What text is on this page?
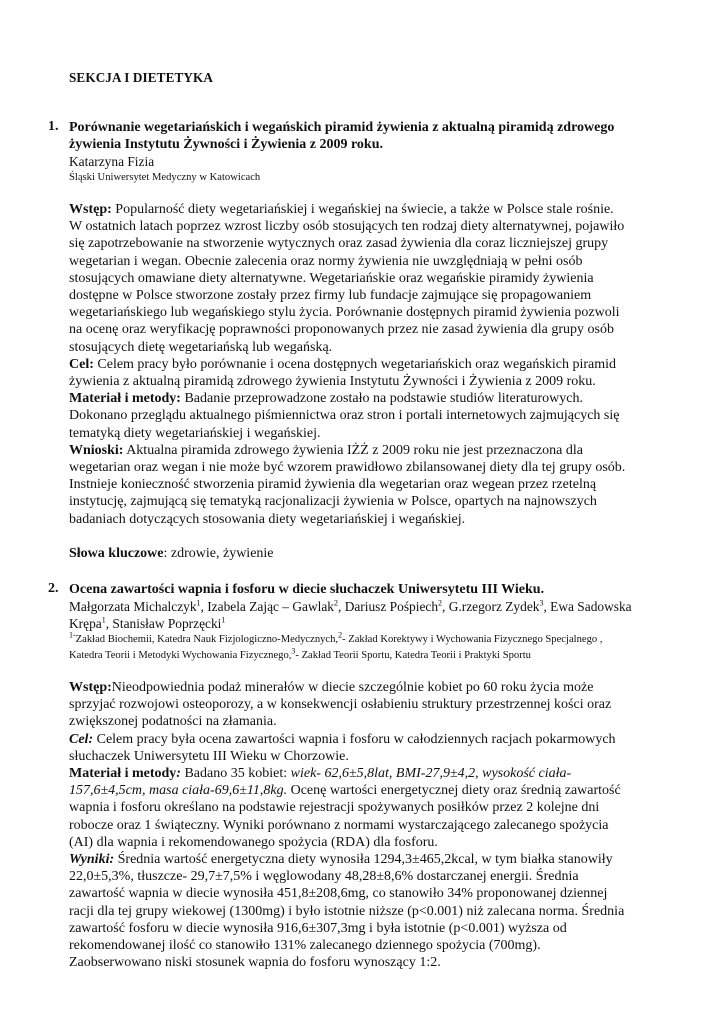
SEKCJA I DIETETYKA
1. Porównanie wegetariańskich i wegańskich piramid żywienia z aktualną piramidą zdrowego
żywienia Instytutu Żywności i Żywienia z 2009 roku.
Katarzyna Fizia
Śląski Uniwersytet Medyczny w Katowicach
Wstęp: Popularność diety wegetariańskiej i wegańskiej na świecie, a także w Polsce stale rośnie.
W ostatnich latach poprzez wzrost liczby osób stosujących ten rodzaj diety alternatywnej, pojawiło
się zapotrzebowanie na stworzenie wytycznych oraz zasad żywienia dla coraz liczniejszej grupy
wegetarian i wegan. Obecnie zalecenia oraz normy żywienia nie uwzględniają w pełni osób
stosujących omawiane diety alternatywne. Wegetariańskie oraz wegańskie piramidy żywienia
dostępne w Polsce stworzone zostały przez firmy lub fundacje zajmujące się propagowaniem
wegetariańskiego lub wegańskiego stylu życia. Porównanie dostępnych piramid żywienia pozwoli
na ocenę oraz weryfikację poprawności proponowanych przez nie zasad żywienia dla grupy osób
stosujących dietę wegetariańską lub wegańską.
Cel: Celem pracy było porównanie i ocena dostępnych wegetariańskich oraz wegańskich piramid
żywienia z aktualną piramidą zdrowego żywienia Instytutu Żywności i Żywienia z 2009 roku.
Materiał i metody: Badanie przeprowadzone zostało na podstawie studiów literaturowych.
Dokonano przeglądu aktualnego piśmiennictwa oraz stron i portali internetowych zajmujących się
tematyką diety wegetariańskiej i wegańskiej.
Wnioski: Aktualna piramida zdrowego żywienia IŻŻ z 2009 roku nie jest przeznaczona dla
wegetarian oraz wegan i nie może być wzorem prawidłowo zbilansowanej diety dla tej grupy osób.
Instnieje konieczność stworzenia piramid żywienia dla wegetarian oraz wegean przez rzetelną
instytucję, zajmującą się tematyką racjonalizacji żywienia w Polsce, opartych na najnowszych
badaniach dotyczących stosowania diety wegetariańskiej i wegańskiej.
Słowa kluczowe: zdrowie, żywienie
2. Ocena zawartości wapnia i fosforu w diecie słuchaczek Uniwersytetu III Wieku.
Małgorzata Michalczyk$^1$, Izabela Zając – Gawlak$^2$, Dariusz Pośpiech$^2$, G.rzegorz Zydek$^3$, Ewa Sadowska
Krępa$^1$, Stanisław Poprzęcki$^1$
$^{1-}$Zakład Biochemii, Katedra Nauk Fizjologiczno-Medycznych,$^2$- Zakład Korektywy i Wychowania Fizycznego Specjalnego ,
Katedra Teorii i Metodyki Wychowania Fizycznego,$^3$- Zakład Teorii Sportu, Katedra Teorii i Praktyki Sportu
Wstęp:Nieodpowiednia podaż minerałów w diecie szczególnie kobiet po 60 roku życia może
sprzyjać rozwojowi osteoporozy, a w konsekwencji osłabieniu struktury przestrzennej kości oraz
zwiększonej podatności na złamania.
Cel: Celem pracy była ocena zawartości wapnia i fosforu w całodziennych racjach pokarmowych
słuchaczek Uniwersytetu III Wieku w Chorzowie.
Materiał i metody: Badano 35 kobiet: wiek- 62,6±5,8lat, BMI-27,9±4,2, wysokość ciała-
157,6±4,5cm, masa ciała-69,6±11,8kg. Ocenę wartości energetycznej diety oraz średnią zawartość
wapnia i fosforu określano na podstawie rejestracji spożywanych posiłków przez 2 kolejne dni
robocze oraz 1 świąteczny. Wyniki porównano z normami wystarczającego zalecanego spożycia
(AI) dla wapnia i rekomendowanego spożycia (RDA) dla fosforu.
Wyniki: Średnia wartość energetyczna diety wynosiła 1294,3±465,2kcal, w tym białka stanowiły
22,0±5,3%, tłuszcze- 29,7±7,5% i węglowodany 48,28±8,6% dostarczanej energii. Średnia
zawartość wapnia w diecie wynosiła 451,8±208,6mg, co stanowiło 34% proponowanej dziennej
racji dla tej grupy wiekowej (1300mg) i było istotnie niższe (p<0.001) niż zalecana norma. Średnia
zawartość fosforu w diecie wynosiła 916,6±307,3mg i była istotnie (p<0.001) wyższa od
rekomendowanej ilość co stanowiło 131% zalecanego dziennego spożycia (700mg).
Zaobserwowano niski stosunek wapnia do fosforu wynoszący 1:2.
